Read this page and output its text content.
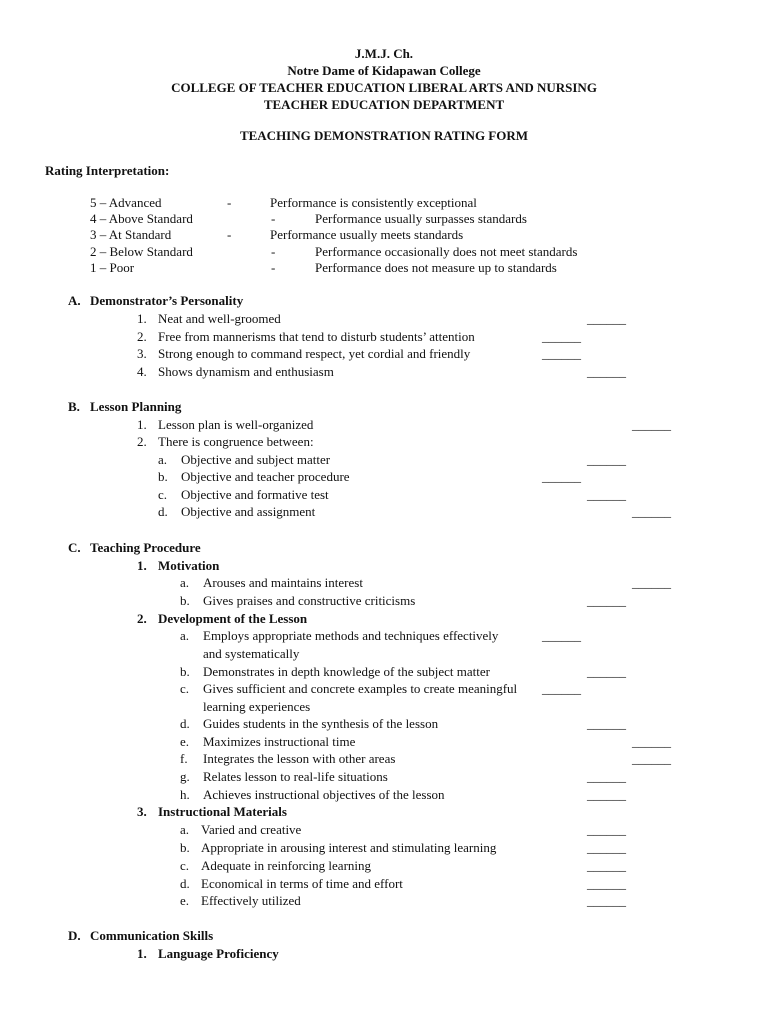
J.M.J. Ch.
Notre Dame of Kidapawan College
COLLEGE OF TEACHER EDUCATION LIBERAL ARTS AND NURSING
TEACHER EDUCATION DEPARTMENT
TEACHING DEMONSTRATION RATING FORM
Rating Interpretation:
5 – Advanced	-	Performance is consistently exceptional
4 – Above Standard	-	Performance usually surpasses standards
3 – At Standard	-	Performance usually meets standards
2 – Below Standard	-	Performance occasionally does not meet standards
1 – Poor	-	Performance does not measure up to standards
A. Demonstrator’s Personality
1. Neat and well-groomed	______
2. Free from mannerisms that tend to disturb students’ attention	______
3. Strong enough to command respect, yet cordial and friendly	______
4. Shows dynamism and enthusiasm	______
B. Lesson Planning
1. Lesson plan is well-organized	______
2. There is congruence between:
a. Objective and subject matter	______
b. Objective and teacher procedure	______
c. Objective and formative test	______
d. Objective and assignment	______
C. Teaching Procedure
1. Motivation
a. Arouses and maintains interest	______
b. Gives praises and constructive criticisms	______
2. Development of the Lesson
a. Employs appropriate methods and techniques effectively	______
and systematically
b. Demonstrates in depth knowledge of the subject matter	______
c. Gives sufficient and concrete examples to create meaningful ______
learning experiences
d. Guides students in the synthesis of the lesson	______
e. Maximizes instructional time	______
f. Integrates the lesson with other areas	______
g. Relates lesson to real-life situations	______
h. Achieves instructional objectives of the lesson	______
3. Instructional Materials
a. Varied and creative	______
b. Appropriate in arousing interest and stimulating learning	______
c. Adequate in reinforcing learning	______
d. Economical in terms of time and effort	______
e. Effectively utilized	______
D. Communication Skills
1. Language Proficiency
